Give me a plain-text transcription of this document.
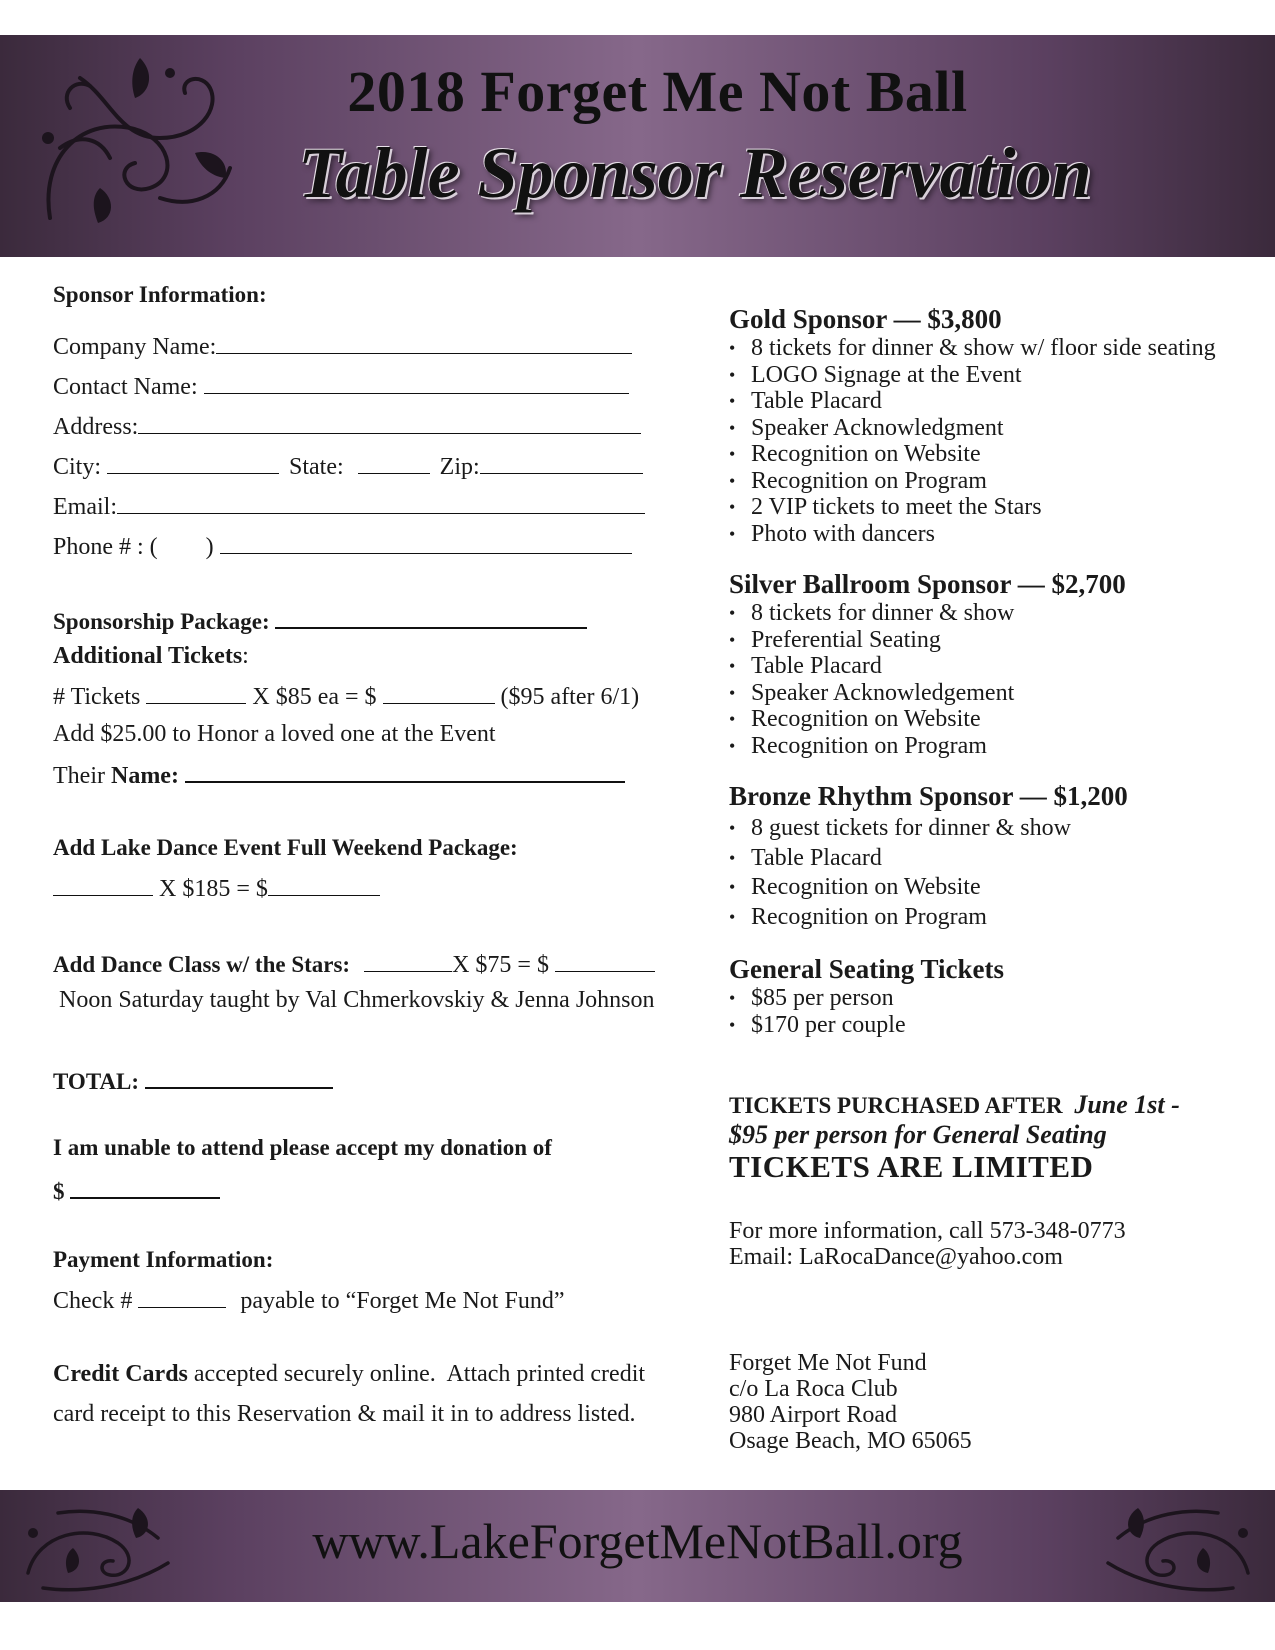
2018 Forget Me Not Ball
Table Sponsor Reservation
Sponsor Information:
Company Name:
Contact Name:
Address:
City:	State:	Zip:
Email:
Phone # : (        )
Sponsorship Package:
Additional Tickets:
# Tickets	X $85 ea = $	($95 after 6/1)
Add $25.00 to Honor a loved one at the Event
Their Name:
Add Lake Dance Event Full Weekend Package:
X $185 = $
Add Dance Class w/ the Stars:	X $75 = $
Noon Saturday taught by Val Chmerkovskiy & Jenna Johnson
TOTAL:
I am unable to attend please accept my donation of
$
Payment Information:
Check #	payable to “Forget Me Not Fund”
Credit Cards accepted securely online.  Attach printed credit
card receipt to this Reservation & mail it in to address listed.
Gold Sponsor — $3,800
• 8 tickets for dinner & show w/ floor side seating
• LOGO Signage at the Event
• Table Placard
• Speaker Acknowledgment
• Recognition on Website
• Recognition on Program
• 2 VIP tickets to meet the Stars
• Photo with dancers
Silver Ballroom Sponsor — $2,700
• 8 tickets for dinner & show
• Preferential Seating
• Table Placard
• Speaker Acknowledgement
• Recognition on Website
• Recognition on Program
Bronze Rhythm Sponsor — $1,200
• 8 guest tickets for dinner & show
• Table Placard
• Recognition on Website
• Recognition on Program
General Seating Tickets
• $85 per person
• $170 per couple
TICKETS PURCHASED AFTER June 1st -
$95 per person for General Seating
TICKETS ARE LIMITED
For more information, call 573-348-0773
Email: LaRocaDance@yahoo.com
Forget Me Not Fund
c/o La Roca Club
980 Airport Road
Osage Beach, MO 65065
www.LakeForgetMeNotBall.org
